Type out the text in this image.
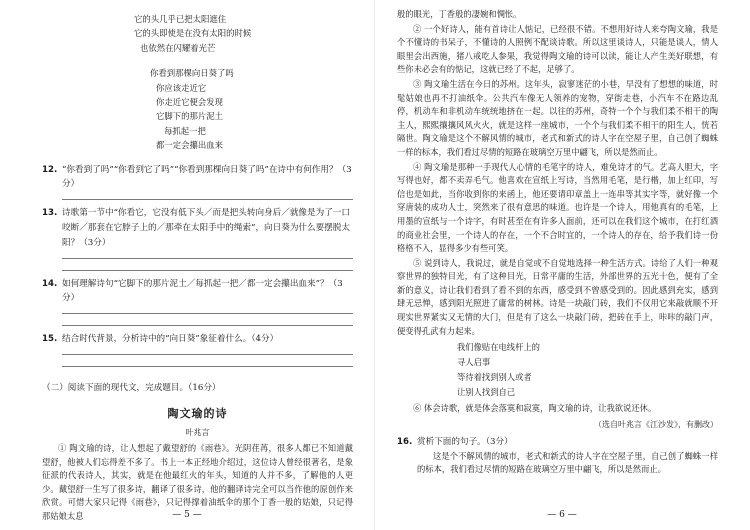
它的头几乎已把太阳遮住
它的头即使是在没有太阳的时候
也依然在闪耀着光芒
你看到那棵向日葵了吗
你应该走近它
你走近它便会发现
它脚下的那片泥土
每抓起一把
都一定会攥出血来
12. “你看到了吗”“你看到它了吗”“你看到那棵向日葵了吗”在诗中有何作用？（3分）
13. 诗歌第一节中“你看它，它没有低下头／而是把头转向身后／就像是为了一口咬断／那套在它脖子上的／那牵在太阳手中的绳索”，向日葵为什么要摆脱太阳？（3分）
14. 如何理解诗句“它脚下的那片泥土／每抓起一把／都一定会攥出血来”？（3分）
15. 结合时代背景，分析诗中的“向日葵”象征着什么。（4分）
（二）阅读下面的现代文，完成题目。（16分）
陶文瑜的诗
叶兆言

① 陶文瑜的诗，让人想起了戴望舒的《雨巷》。光阴荏苒，很多人都已不知道戴望舒，他被人们忘得差不多了。书上一本正经地介绍过，这位诗人曾经很著名，是象征派的代表诗人，其实，就是在他最红火的年头，知道的人并不多，了解他的人更少。戴望舒一生写了很多诗，翻译了很多诗，他的翻译诗完全可以当作他的原创作来欣赏。可惜大家只记得《雨巷》，只记得撑着油纸伞的那个丁香一般的姑娘，只记得那姑娘太息	— 5 —

般的眼光，丁香般的凄婉和惆怅。

② 一个好诗人，能有首诗让人惦记，已经很不错。不想用好诗人来夸陶文瑜，我是个不懂诗的书呆子，不懂诗的人照例不配谈诗歌。所以这里谈诗人，只能是谈人，情人眼里会出西施，猪八戒吃人参果，我觉得陶文瑜的诗可以读，能让人产生美好联想，有些你未必会有的惦记，这就已经了不起，足够了。

③ 陶文瑜生活在今日的苏州。这年头，寂寥迷茫的小巷，早没有了想想的味道，时髦姑娘也再不打油纸伞。公共汽车像无人领养的宠物，穿街走巷，小汽车不在路边乱停，机动车和非机动车统统地挤在一起。以往的苏州，奇特一个个与我们柔不相干的陶主人，熙熙攘攘风风火火，就是这样一座城市，一个个与我们柔不相干的阳生人，恍若隔世。陶文瑜是这个不解风情的城市，老式和新式的诗人字在空屋子里，自己创了蜘蛛一样的标本，我们看过尽情的短路在玻璃空万里中翩飞，所以是然而止。

④ 陶文瑜是那种一手现代人心情的毛笔字的诗人，难免诗才的气。艺高人胆大，字写得也好，都不卖弄毛气。他喜欢在宣纸上写诗，当然用毛笔，是行楷，加上红印，写信也是如此，当你收到你的来函上，他还要请印章盖上一连串等其实字等，就好像一个穿唐装的成功人士，突然来了很有意思的味道。也许是一个诗人，用他真有的毛笔，上用墨的宣纸与一个诗字，有时甚至在有许多人面前，还可以在我们这个城市，在打红酒的商业社会里，一个诗人的存在，一个不合时宜的，一个诗人的存在，给予我们诗一份格格不入，显得多少有些可笑。

⑤ 说到诗人，我说过，就是自觉或不自觉地选择一种生活方式。诗给了人们一种观察世界的独特目光，有了这种目光，日常平庸的生活，外部世界的五光十色，便有了全新的意义，诗让我们看到了看不到的东西，感受到不曾感受到的。因此感到充实，感到肆无忌惮，感到阳光照进了庸常的树林。诗是一块敲门砖，我们不仅用它来敲就顺不开现实世界紧实又无情的大门，但是有了这么一块敲门砖，把砖在手上，咔咔的敲门声，便变得孔武有力起来。

我们像贴在电线杆上的
寻人启事
等待着找到别人或者
让别人找到自己

⑥ 体会诗歌，就是体会落寞和寂寞，陶文瑜的诗，让我欲说还休。

（选自叶兆言《江沙发》，有删改）
16. 赏析下面的句子。（3分）

这是个不解风情的城市，老式和新式的诗人字在空屋子里，自己创了蜘蛛一样的标本，我们看过尽情的短路在玻璃空万里中翩飞，所以是然而止。

— 6 —
